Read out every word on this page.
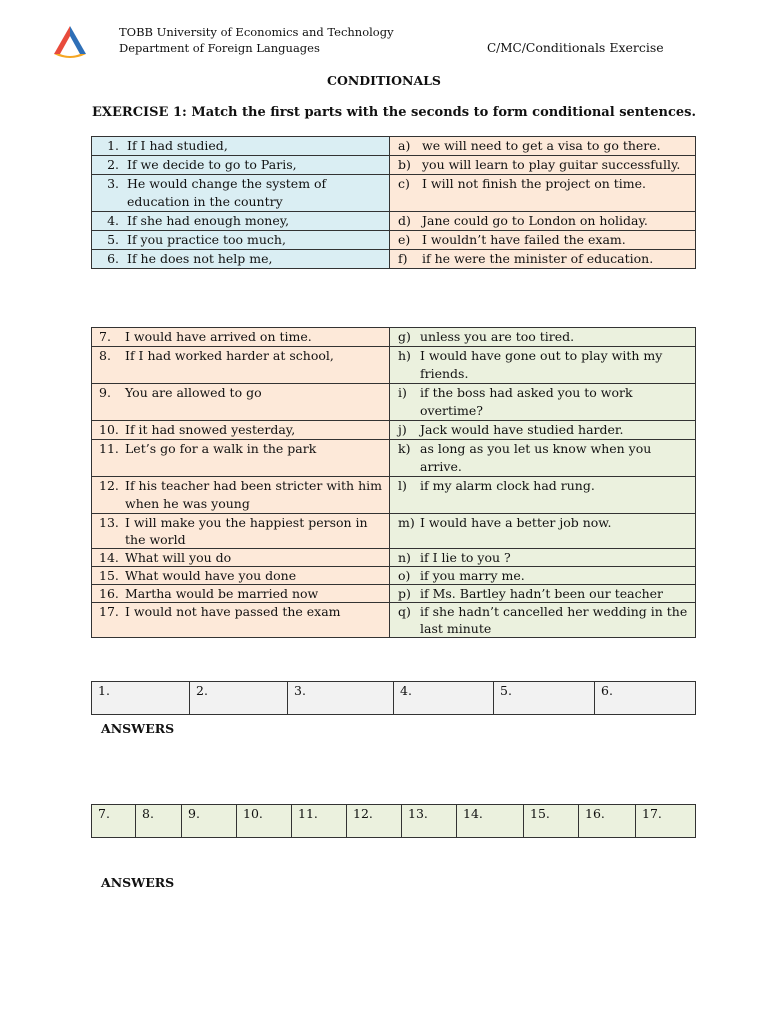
TOBB University of Economics and Technology
Department of Foreign Languages	C/MC/Conditionals Exercise
CONDITIONALS
EXERCISE 1: Match the first parts with the seconds to form conditional sentences.
1. If I had studied,	a) we will need to get a visa to go there.

2. If we decide to go to Paris,	b) you will learn to play guitar successfully.

3. He would change the system of education in the country	c) I will not finish the project on time.

4. If she had enough money,	d) Jane could go to London on holiday.

5. If you practice too much,	e) I wouldn’t have failed the exam.

6. If he does not help me,	f) if he were the minister of education.
7. I would have arrived on time.	g) unless you are too tired.

8. If I had worked harder at school,	h) I would have gone out to play with my friends.

9. You are allowed to go	i) if the boss had asked you to work overtime?

10. If it had snowed yesterday,	j) Jack would have studied harder.

11. Let’s go for a walk in the park	k) as long as you let us know when you arrive.

12. If his teacher had been stricter with him when he was young	l) if my alarm clock had rung.

13. I will make you the happiest person in the world	m) I would have a better job now.

14. What will you do	n) if I lie to you ?

15. What would have you done	o) if you marry me.

16. Martha would be married now	p) if Ms. Bartley hadn’t been our teacher

17. I would not have passed the exam	q) if she hadn’t cancelled her wedding in the last minute
1.	2.	3.	4.	5.	6.
ANSWERS
7.	8.	9.	10.	11.	12.	13.	14.	15.	16.	17.
ANSWERS
